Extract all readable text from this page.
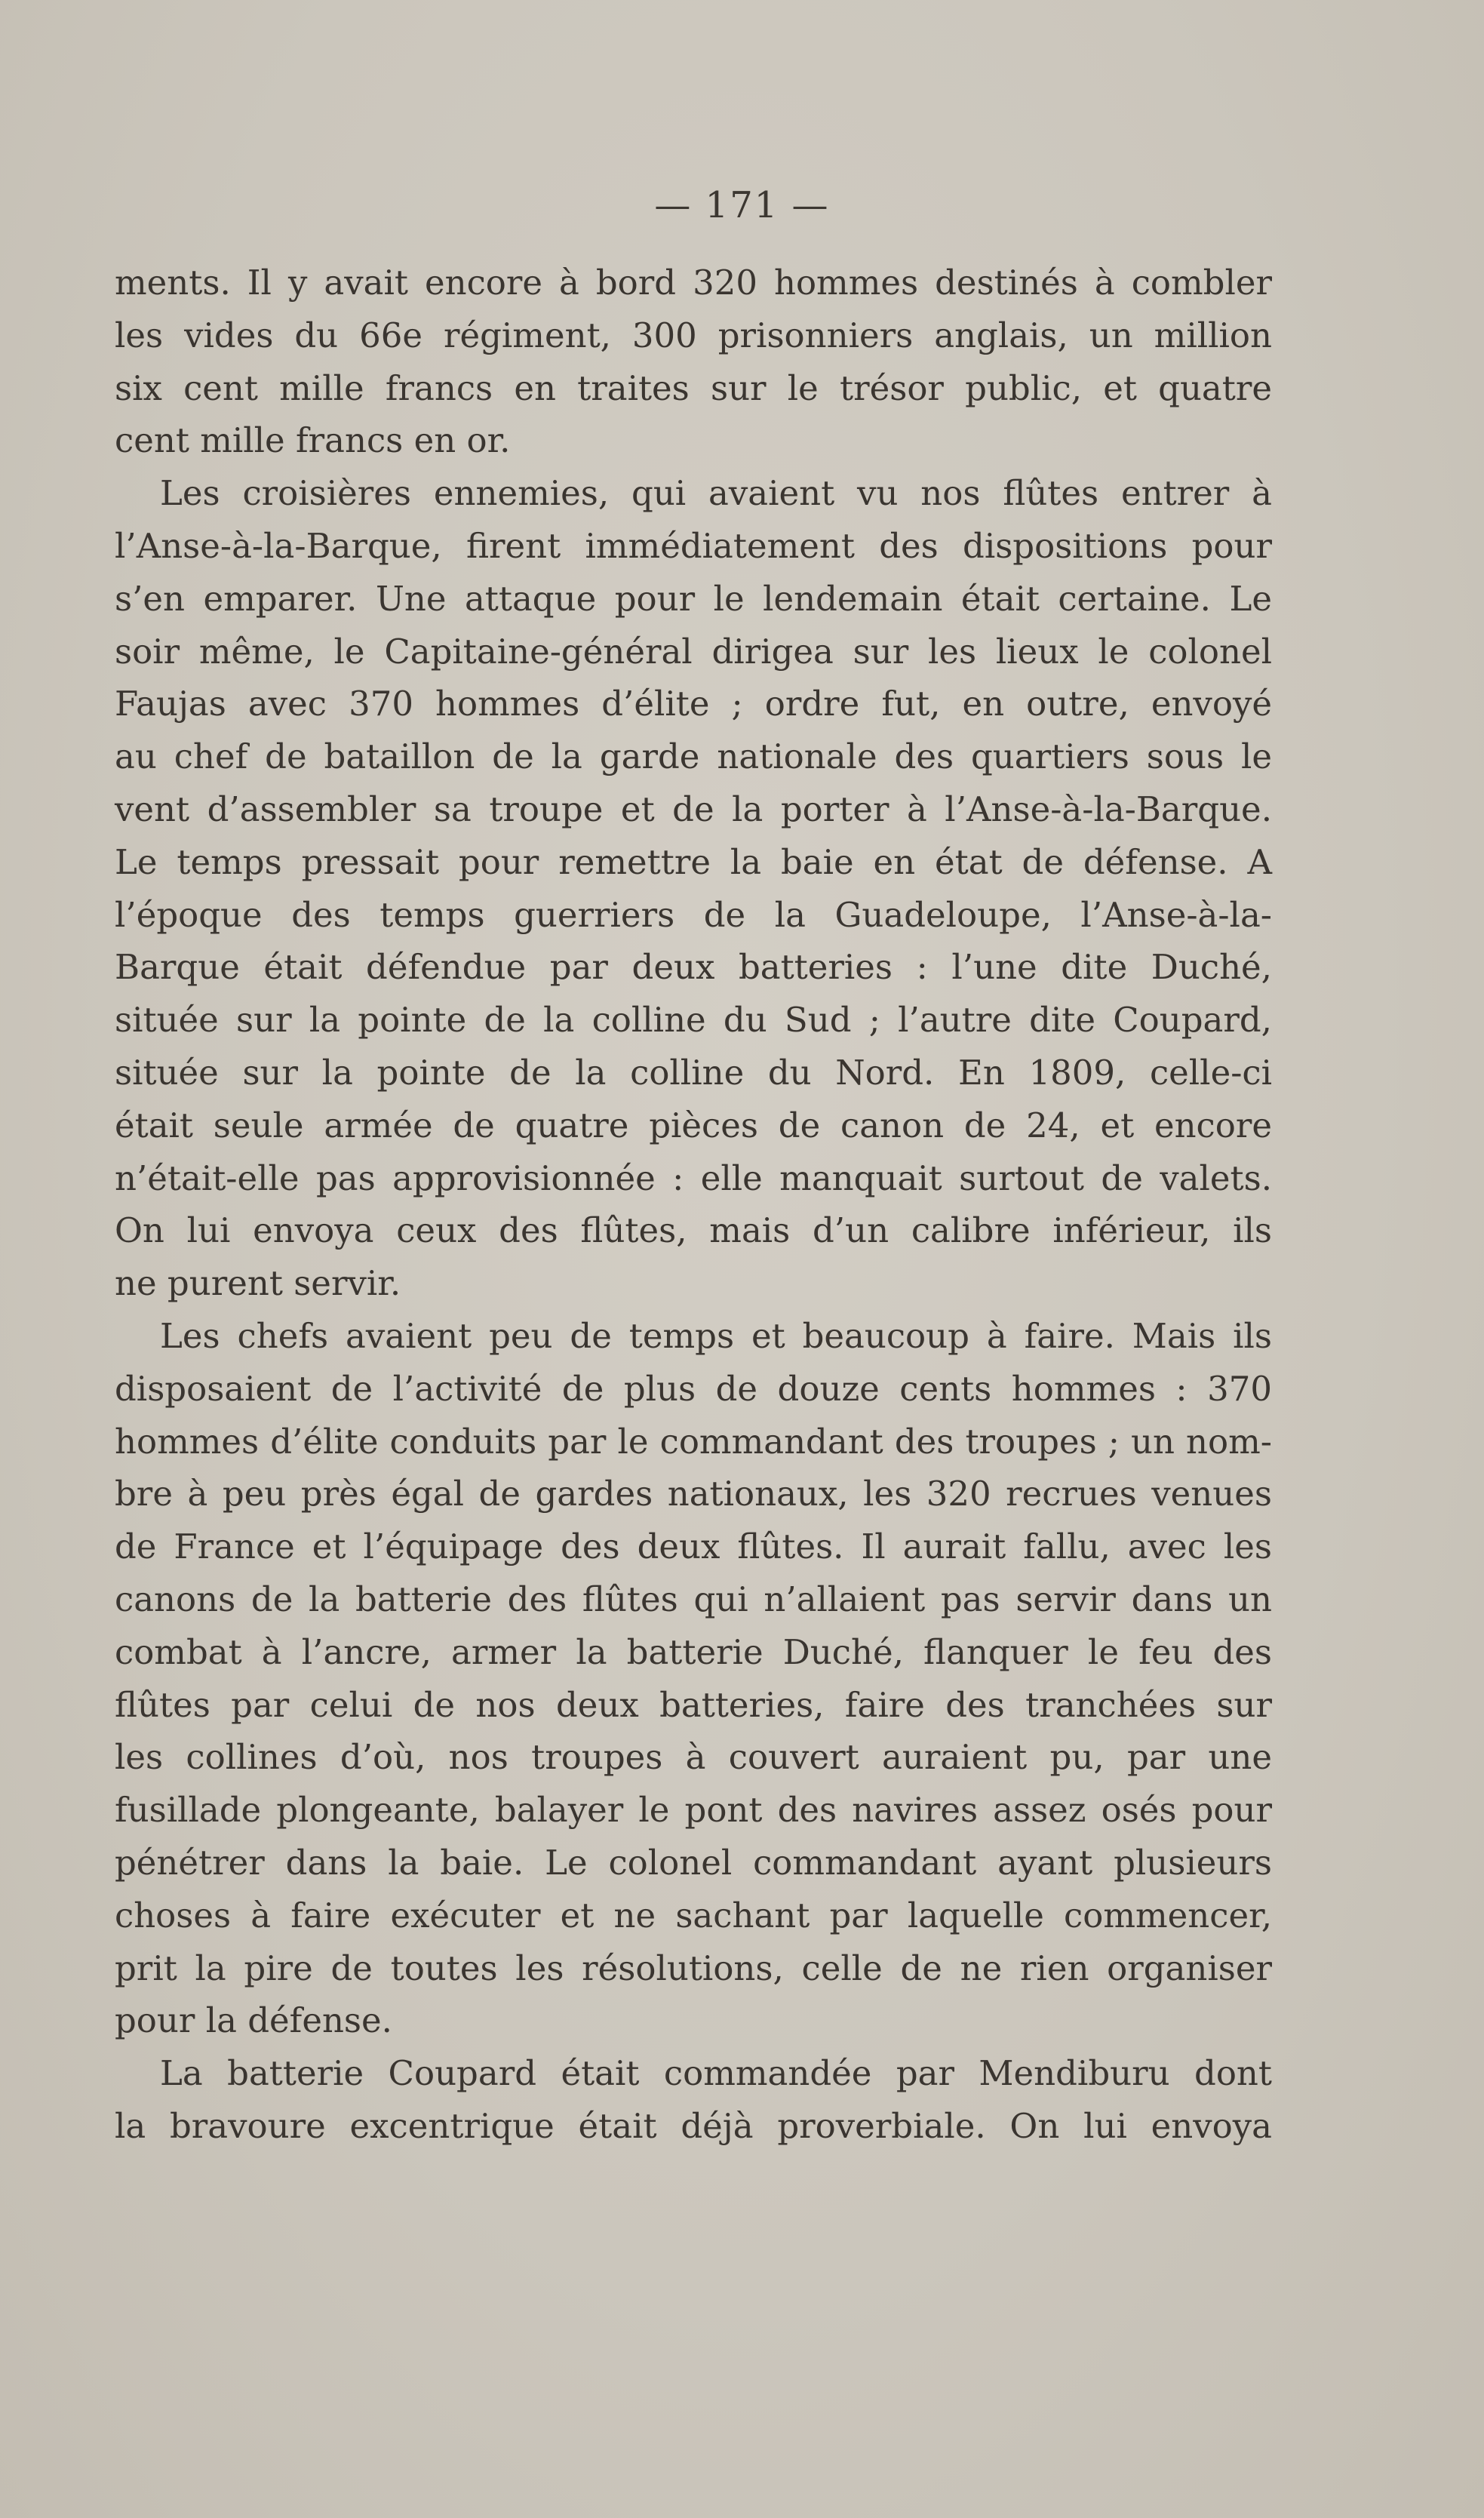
— 171 —
ments. Il y avait encore à bord 320 hommes destinés à combler
les vides du 66e régiment, 300 prisonniers anglais, un million
six cent mille francs en traites sur le trésor public, et quatre
cent mille francs en or.
Les croisières ennemies, qui avaient vu nos flûtes entrer à
l’Anse-à-la-Barque, firent immédiatement des dispositions pour
s’en emparer. Une attaque pour le lendemain était certaine. Le
soir même, le Capitaine-général dirigea sur les lieux le colonel
Faujas avec 370 hommes d’élite ; ordre fut, en outre, envoyé
au chef de bataillon de la garde nationale des quartiers sous le
vent d’assembler sa troupe et de la porter à l’Anse-à-la-Barque.
Le temps pressait pour remettre la baie en état de défense. A
l’époque des temps guerriers de la Guadeloupe, l’Anse-à-la-
Barque était défendue par deux batteries : l’une dite Duché,
située sur la pointe de la colline du Sud ; l’autre dite Coupard,
située sur la pointe de la colline du Nord. En 1809, celle-ci
était seule armée de quatre pièces de canon de 24, et encore
n’était-elle pas approvisionnée : elle manquait surtout de valets.
On lui envoya ceux des flûtes, mais d’un calibre inférieur, ils
ne purent servir.
Les chefs avaient peu de temps et beaucoup à faire. Mais ils
disposaient de l’activité de plus de douze cents hommes : 370
hommes d’élite conduits par le commandant des troupes ; un nom-
bre à peu près égal de gardes nationaux, les 320 recrues venues
de France et l’équipage des deux flûtes. Il aurait fallu, avec les
canons de la batterie des flûtes qui n’allaient pas servir dans un
combat à l’ancre, armer la batterie Duché, flanquer le feu des
flûtes par celui de nos deux batteries, faire des tranchées sur
les collines d’où, nos troupes à couvert auraient pu, par une
fusillade plongeante, balayer le pont des navires assez osés pour
pénétrer dans la baie. Le colonel commandant ayant plusieurs
choses à faire exécuter et ne sachant par laquelle commencer,
prit la pire de toutes les résolutions, celle de ne rien organiser
pour la défense.
La batterie Coupard était commandée par Mendiburu dont
la bravoure excentrique était déjà proverbiale. On lui envoya
